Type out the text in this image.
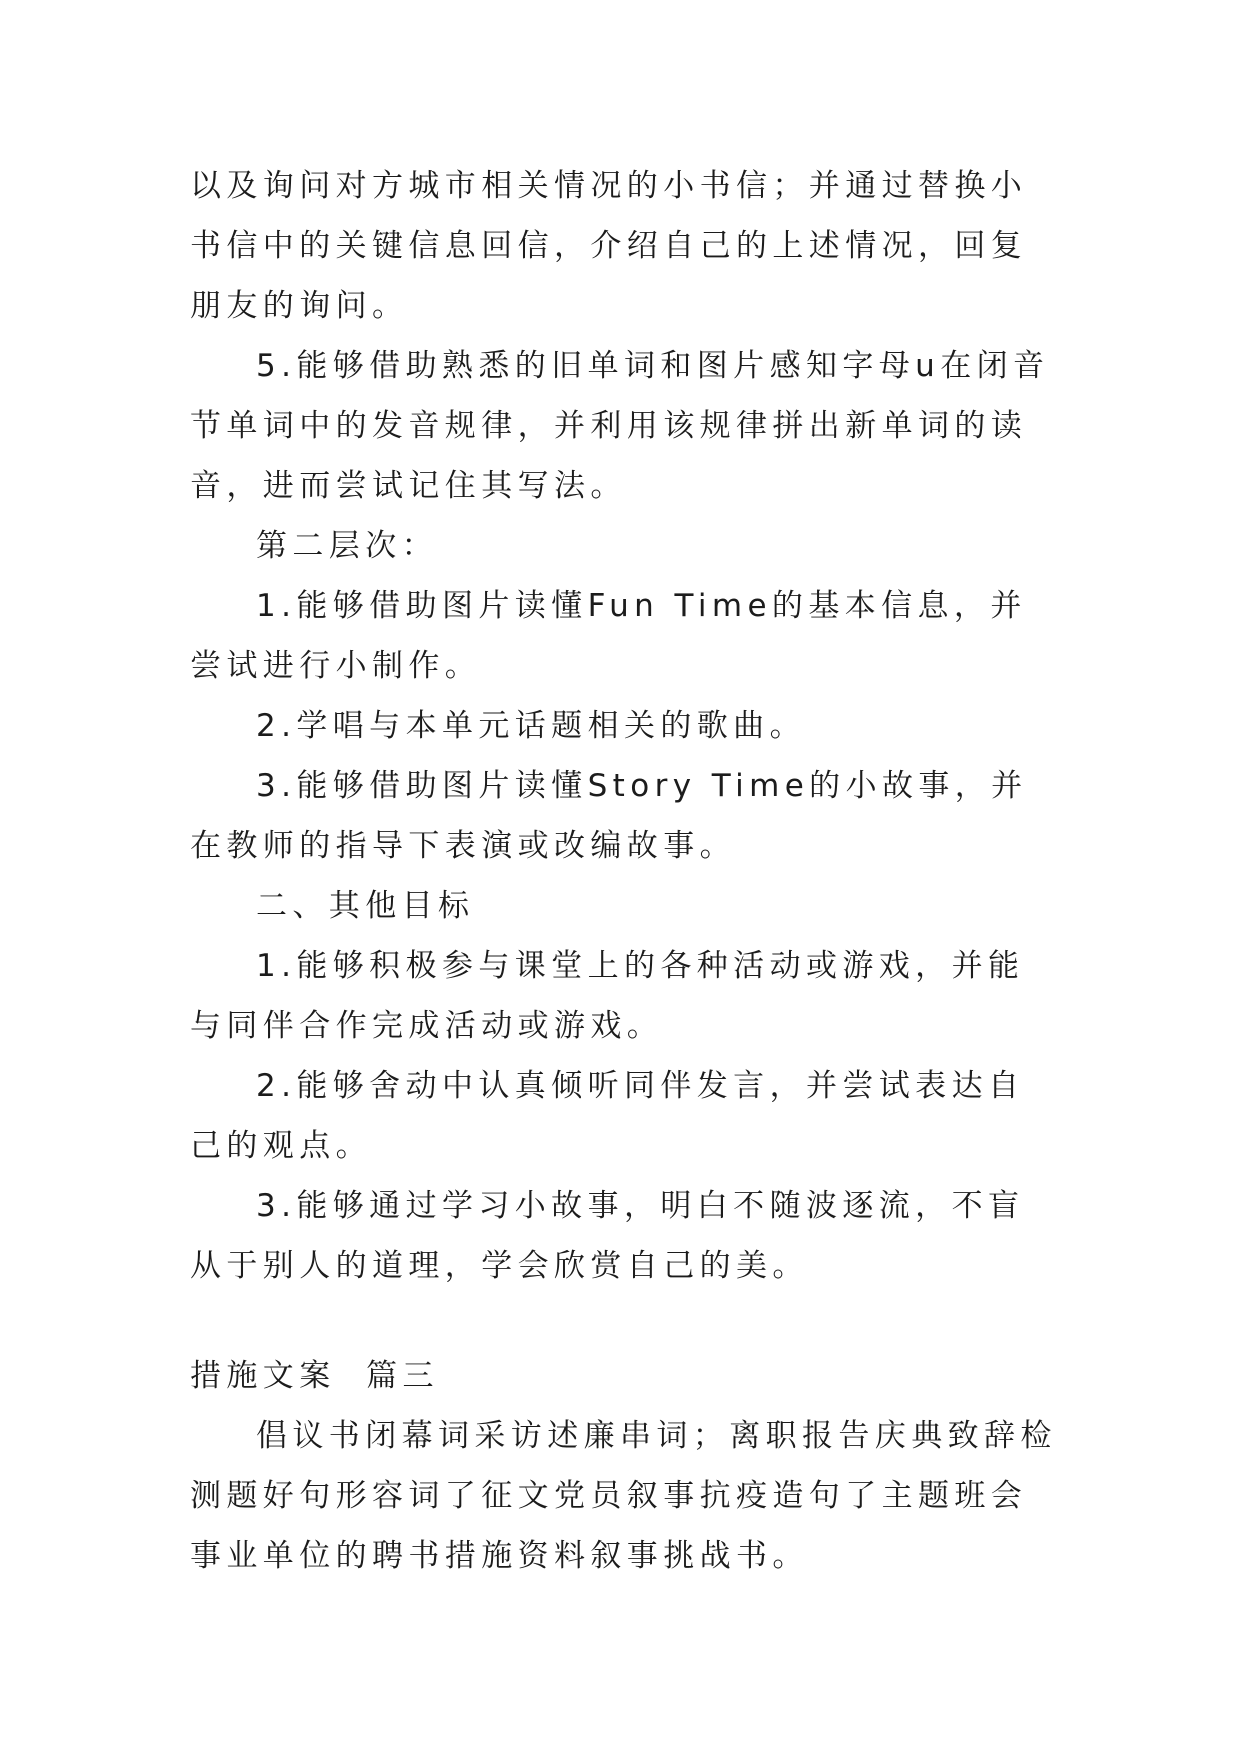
以及询问对方城市相关情况的小书信；并通过替换小书信中的关键信息回信，介绍自己的上述情况，回复朋友的询问。

5.能够借助熟悉的旧单词和图片感知字母u在闭音节单词中的发音规律，并利用该规律拼出新单词的读音，进而尝试记住其写法。

第二层次：

1.能够借助图片读懂Fun Time的基本信息，并尝试进行小制作。

2.学唱与本单元话题相关的歌曲。

3.能够借助图片读懂Story Time的小故事，并在教师的指导下表演或改编故事。

二、其他目标

1.能够积极参与课堂上的各种活动或游戏，并能与同伴合作完成活动或游戏。

2.能够舍动中认真倾听同伴发言，并尝试表达自己的观点。

3.能够通过学习小故事，明白不随波逐流，不盲从于别人的道理，学会欣赏自己的美。

措施文案  篇三

倡议书闭幕词采访述廉串词；离职报告庆典致辞检测题好句形容词了征文党员叙事抗疫造句了主题班会事业单位的聘书措施资料叙事挑战书。
